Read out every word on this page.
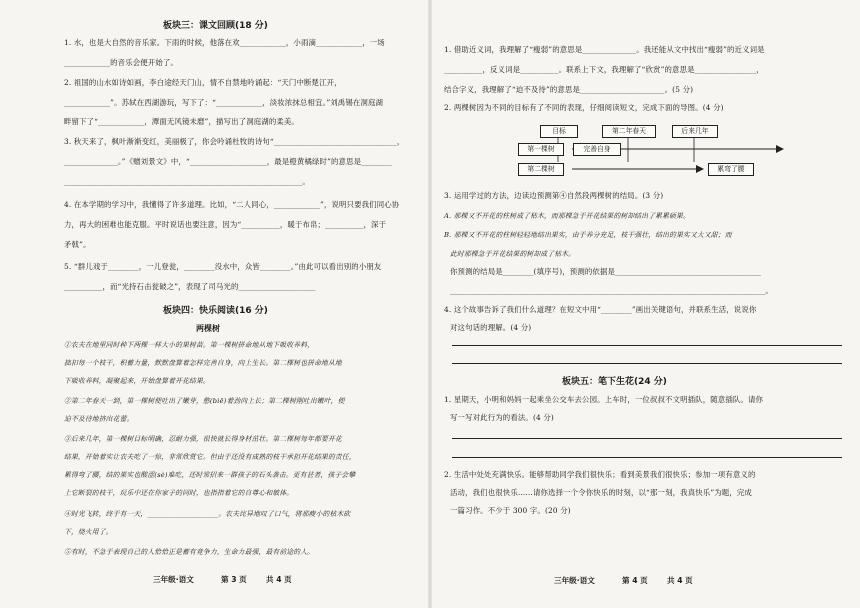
板块三：课文回顾(18 分)
1. 水，也是大自然的音乐家。下雨的时候，他落在欢____________，小雨滴____________，一场
____________的音乐会便开始了。
2. 祖国的山水如诗如画，李白途经天门山，情不自禁地吟诵起：“天门中断楚江开，
____________”。苏轼在西湖游玩，写下了：“____________，淡妆浓抹总相宜。”刘禹锡在洞庭湖
畔留下了“____________，潭面无风镜未磨”，描写出了洞庭湖的柔美。
3. 秋天来了，枫叶渐渐变红，美丽极了，你会吟诵杜牧的诗句“________________________________，
______________。”《赠刘景文》中，“____________________，最是橙黄橘绿时”的意思是________
______________________________________________________________。
4. 在本学期的学习中，我懂得了许多道理。比如，“二人同心，____________”，说明只要我们同心协
力，再大的困难也能克服。平时说话也要注意，因为“__________，暖于布帛；__________，深于
矛戟”。
5. “群儿戏于________，一儿登瓮，________没水中，众皆________。”由此可以看出别的小朋友
__________，而“光持石击瓮破之”，表现了司马光的____________________
板块四：快乐阅读(16 分)
两棵树
①农夫在地里同时种下两棵一样大小的果树苗。第一棵树拼命地从地下吸收养料，
拙扣每一个枝干，积蓄力量，默默盘算着怎样完善自身，向上生长。第二棵树也拼命地从地
下吸收养料，凝聚起来，开始盘算着开花结果。
②第二年春天一到，第一棵树便吐出了嫩芽，憋(biē)着劲向上长；第二棵树刚吐出嫩叶，便
迫不及待地挤出花蕾。
③后来几年，第一棵树目标明确，忍耐力强，很快就长得身材茁壮。第二棵树每年都要开花
结果，开始着实让农夫吃了一惊，非常欣赏它。但由于还没有成熟的枝干承担开花结果的责任，
累得弯了腰，结的果实也酸涩(sè)难吃，还时常招来一群孩子的石头袭击。更有甚者，孩子会攀
上它断裂的枝干，玩乐中还在你家子的同时，也指指着它的自尊心和敏体。
④时光飞转，终于有一天，____________________。农夫诧异地叹了口气，将那瘦小的枯木砍
下，烧火用了。
⑤有时，不急于表现自己的人恰恰正是蓄有竞争力，生命力最强，最有前途的人。
三年级·语文	第 3 页	共 4 页
1. 借助近义词，我理解了“瘦弱”的意思是______________。我还能从文中找出“瘦弱”的近义词是
__________，反义词是__________。联系上下文，我理解了“欣赏”的意思是________________，
结合字义，我理解了“迫不及待”的意思是______________________。(5 分)
2. 两棵树因为不同的目标有了不同的表现，仔细阅读短文，完成下面的导图。(4 分)
目标	第二年春天	后来几年
第一棵树	完善自身
第二棵树	累弯了腰
3. 运用学过的方法，边读边预测第④自然段两棵树的结局。(3 分)
A. 那棵又不开花的柱树成了枯木，而那棵急于开花结果的树却结出了累累硕果。
B. 那棵又不开花的柱树轻轻地结出果实，由于养分充足，枝干强壮，结出的果实又大又甜；而
此时那棵急于开花结果的树却成了枯木。
你预测的结局是________(填序号)，预测的依据是______________________________________
__________________________________________________________________________________。
4. 这个故事告诉了我们什么道理？在短文中用“________”画出关键语句，并联系生活，说说你
对这句话的理解。(4 分)
板块五：笔下生花(24 分)
1. 星期天，小明和妈妈一起乘坐公交车去公园。上车时，一位叔叔不文明插队，随意插队。请你
写一写对此行为的看法。(4 分)
2. 生活中处处充满快乐。能够帮助同学我们很快乐；看到美景我们很快乐；参加一项有意义的
活动，我们也很快乐……请你选择一个令你快乐的时刻，以“那一刻，我真快乐”为题，完成
一篇习作。不少于 300 字。(20 分)
三年级·语文	第 4 页	共 4 页
